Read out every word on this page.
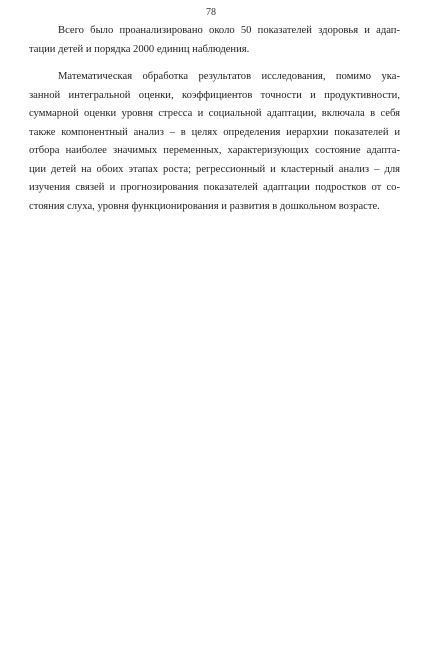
78
Всего было проанализировано около 50 показателей здоровья и адап-
тации детей и порядка 2000 единиц наблюдения.
Математическая обработка результатов исследования, помимо ука-
занной интегральной оценки, коэффициентов точности и продуктивности,
суммарной оценки уровня стресса и социальной адаптации, включала в себя
также компонентный анализ – в целях определения иерархии показателей и
отбора наиболее значимых переменных, характеризующих состояние адапта-
ции детей на обоих этапах роста; регрессионный и кластерный анализ – для
изучения связей и прогнозирования показателей адаптации подростков от со-
стояния слуха, уровня функционирования и развития в дошкольном возрасте.
